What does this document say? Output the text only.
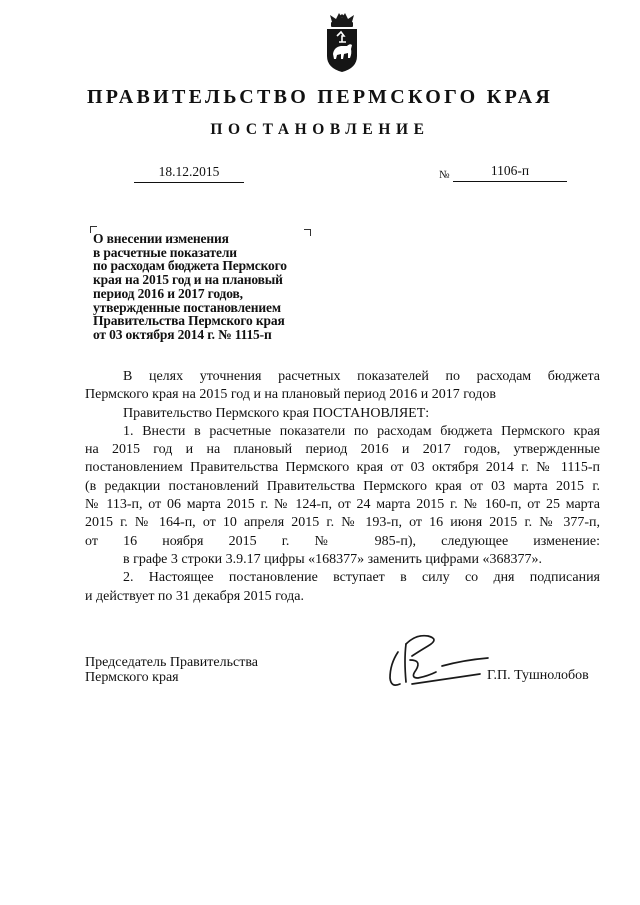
ПРАВИТЕЛЬСТВО ПЕРМСКОГО КРАЯ
ПОСТАНОВЛЕНИЕ
18.12.2015	№	1106-п
О внесении изменения
в расчетные показатели
по расходам бюджета Пермского
края на 2015 год и на плановый
период 2016 и 2017 годов,
утвержденные постановлением
Правительства Пермского края
от 03 октября 2014 г. № 1115-п

В целях уточнения расчетных показателей по расходам бюджета

Пермского края на 2015 год и на плановый период 2016 и 2017 годов

Правительство Пермского края ПОСТАНОВЛЯЕТ:

1. Внести в расчетные показатели по расходам бюджета Пермского края

на 2015 год и на плановый период 2016 и 2017 годов, утвержденные

постановлением Правительства Пермского края от 03 октября 2014 г. № 1115-п

(в редакции постановлений Правительства Пермского края от 03 марта 2015 г.

№ 113-п, от 06 марта 2015 г. № 124-п, от 24 марта 2015 г. № 160-п, от 25 марта

2015 г. № 164-п, от 10 апреля 2015 г. № 193-п, от 16 июня 2015 г. № 377-п,

от 16 ноября 2015 г. № 985-п), следующее изменение:

в графе 3 строки 3.9.17 цифры «168377» заменить цифрами «368377».

2. Настоящее постановление вступает в силу со дня подписания

и действует по 31 декабря 2015 года.

Председатель Правительства
Пермского края	Г.П. Тушнолобов
